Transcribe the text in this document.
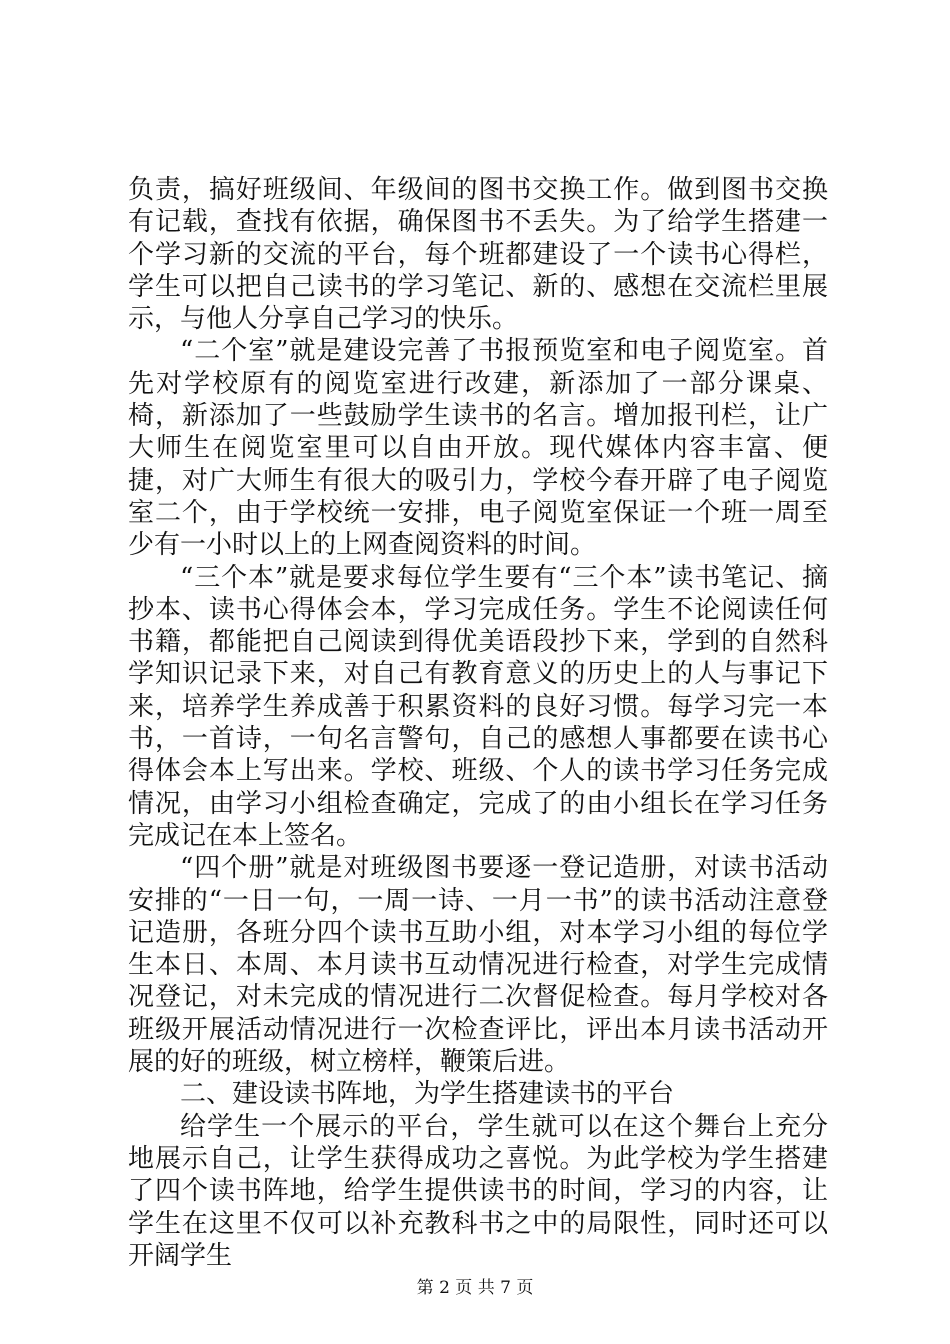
负责，搞好班级间、年级间的图书交换工作。做到图书交换有记载，查找有依据，确保图书不丢失。为了给学生搭建一个学习新的交流的平台，每个班都建设了一个读书心得栏，学生可以把自己读书的学习笔记、新的、感想在交流栏里展示，与他人分享自己学习的快乐。

“二个室”就是建设完善了书报预览室和电子阅览室。首先对学校原有的阅览室进行改建，新添加了一部分课桌、椅，新添加了一些鼓励学生读书的名言。增加报刊栏，让广大师生在阅览室里可以自由开放。现代媒体内容丰富、便捷，对广大师生有很大的吸引力，学校今春开辟了电子阅览室二个，由于学校统一安排，电子阅览室保证一个班一周至少有一小时以上的上网查阅资料的时间。

“三个本”就是要求每位学生要有“三个本”读书笔记、摘抄本、读书心得体会本，学习完成任务。学生不论阅读任何书籍，都能把自己阅读到得优美语段抄下来，学到的自然科学知识记录下来，对自己有教育意义的历史上的人与事记下来，培养学生养成善于积累资料的良好习惯。每学习完一本书，一首诗，一句名言警句，自己的感想人事都要在读书心得体会本上写出来。学校、班级、个人的读书学习任务完成情况，由学习小组检查确定，完成了的由小组长在学习任务完成记在本上签名。

“四个册”就是对班级图书要逐一登记造册，对读书活动安排的“一日一句，一周一诗、一月一书”的读书活动注意登记造册，各班分四个读书互助小组，对本学习小组的每位学生本日、本周、本月读书互动情况进行检查，对学生完成情况登记，对未完成的情况进行二次督促检查。每月学校对各班级开展活动情况进行一次检查评比，评出本月读书活动开展的好的班级，树立榜样，鞭策后进。

二、建设读书阵地，为学生搭建读书的平台

给学生一个展示的平台，学生就可以在这个舞台上充分地展示自己，让学生获得成功之喜悦。为此学校为学生搭建了四个读书阵地，给学生提供读书的时间，学习的内容，让学生在这里不仅可以补充教科书之中的局限性，同时还可以开阔学生

第 2 页 共 7 页
